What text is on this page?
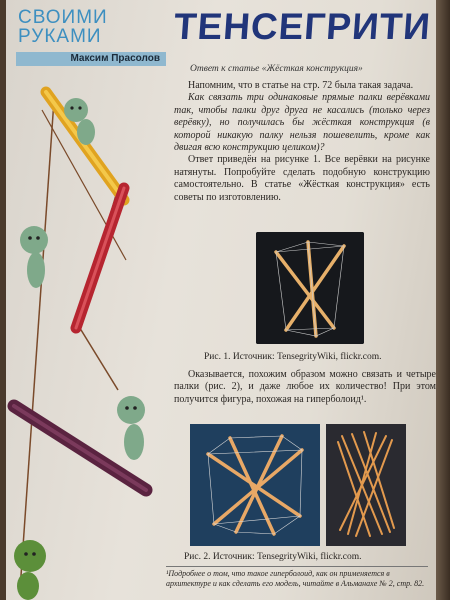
СВОИМИ
РУКАМИ
Максим Прасолов
ТЕНСЕГРИТИ
Ответ к статье «Жёсткая конструкция»

Напомним, что в статье на стр. 72 была такая задача.

Как связать три одинаковые прямые палки верёвками так, чтобы палки друг друга не касались (только через верёвку), но получилась бы жёсткая конструкция (в которой никакую палку нельзя пошевелить, кроме как двигая всю конструкцию целиком)?

Ответ приведён на рисунке 1. Все верёвки на рисунке натянуты. Попробуйте сделать подобную конструкцию самостоятельно. В статье «Жёсткая конструкция» есть советы по изготовлению.

Рис. 1. Источник: TensegrityWiki, flickr.com.

Оказывается, похожим образом можно связать и четыре палки (рис. 2), и даже любое их количество! При этом получится фигура, похожая на гиперболоид¹.

Рис. 2. Источник: TensegrityWiki, flickr.com.
¹Подробнее о том, что такое гиперболоид, как он применяется в архитектуре и как сделать его модель, читайте в Альманахе № 2, стр. 82.
